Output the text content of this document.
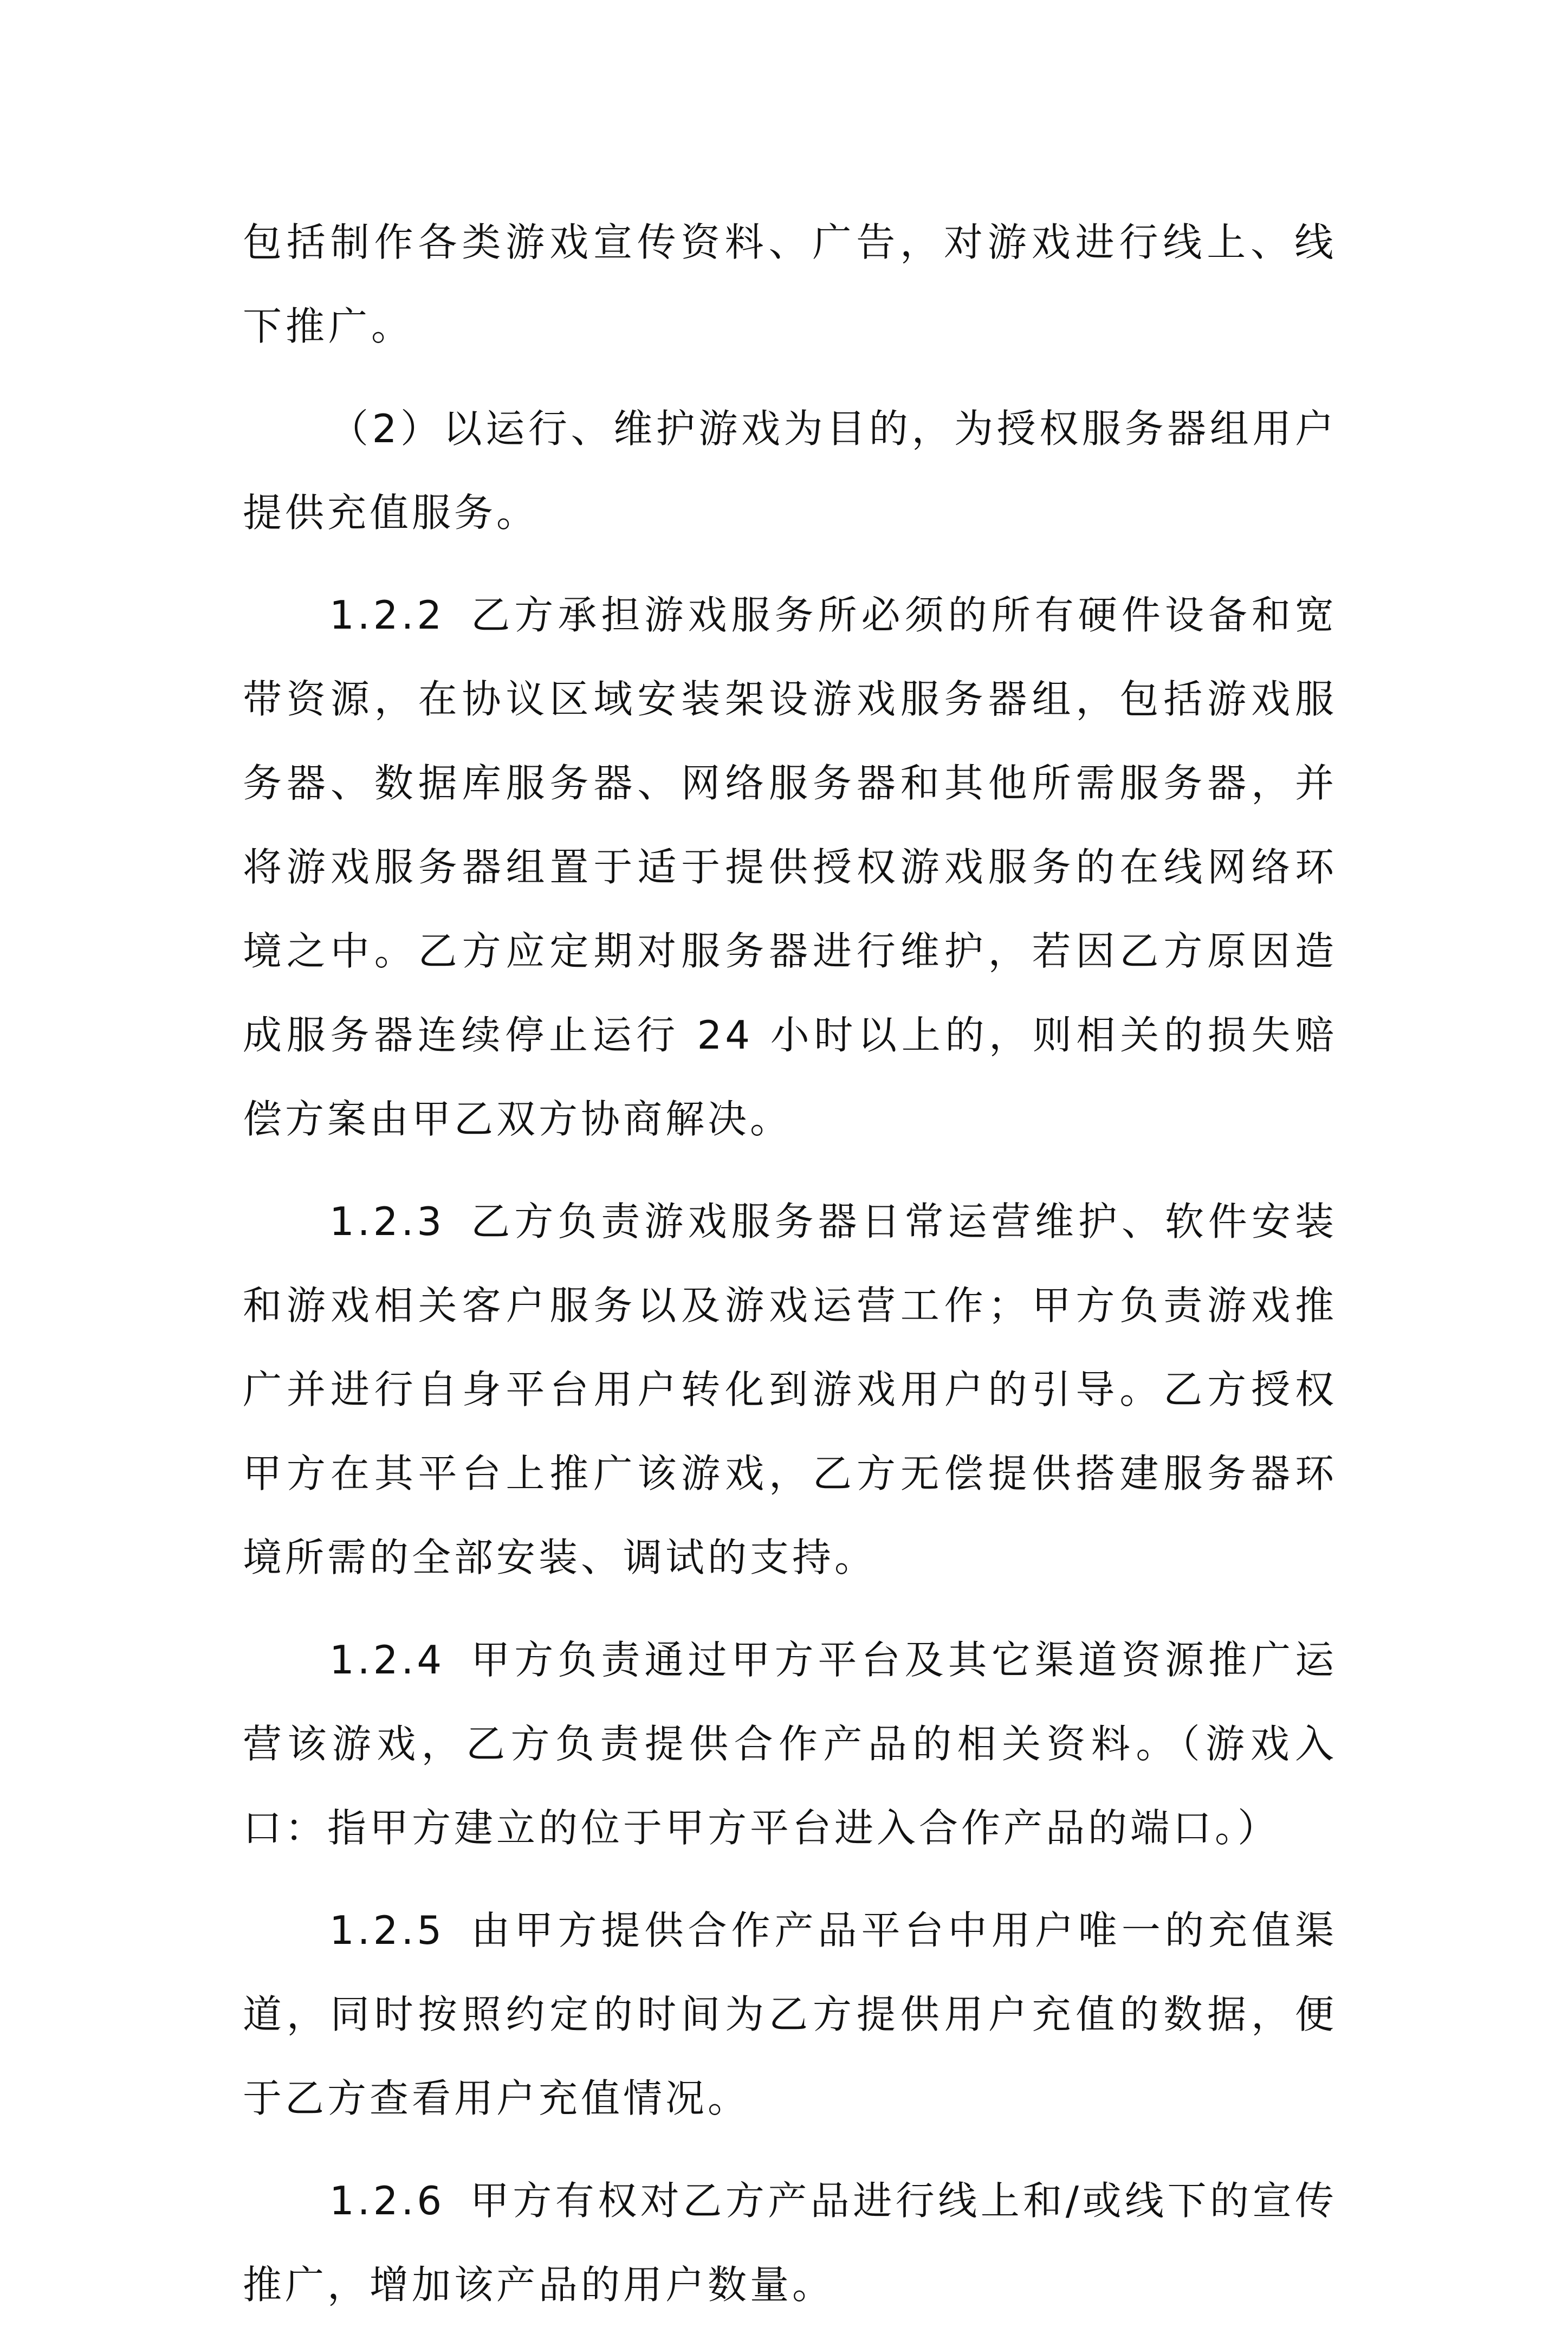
包括制作各类游戏宣传资料、广告，对游戏进行线上、线下推广。

（2）以运行、维护游戏为目的，为授权服务器组用户提供充值服务。

1.2.2 乙方承担游戏服务所必须的所有硬件设备和宽带资源，在协议区域安装架设游戏服务器组，包括游戏服务器、数据库服务器、网络服务器和其他所需服务器，并将游戏服务器组置于适于提供授权游戏服务的在线网络环境之中。乙方应定期对服务器进行维护，若因乙方原因造成服务器连续停止运行 24 小时以上的，则相关的损失赔偿方案由甲乙双方协商解决。

1.2.3 乙方负责游戏服务器日常运营维护、软件安装和游戏相关客户服务以及游戏运营工作；甲方负责游戏推广并进行自身平台用户转化到游戏用户的引导。乙方授权甲方在其平台上推广该游戏，乙方无偿提供搭建服务器环境所需的全部安装、调试的支持。

1.2.4 甲方负责通过甲方平台及其它渠道资源推广运营该游戏，乙方负责提供合作产品的相关资料。（游戏入口：指甲方建立的位于甲方平台进入合作产品的端口。）

1.2.5 由甲方提供合作产品平台中用户唯一的充值渠道，同时按照约定的时间为乙方提供用户充值的数据，便于乙方查看用户充值情况。

1.2.6 甲方有权对乙方产品进行线上和/或线下的宣传推广，增加该产品的用户数量。
